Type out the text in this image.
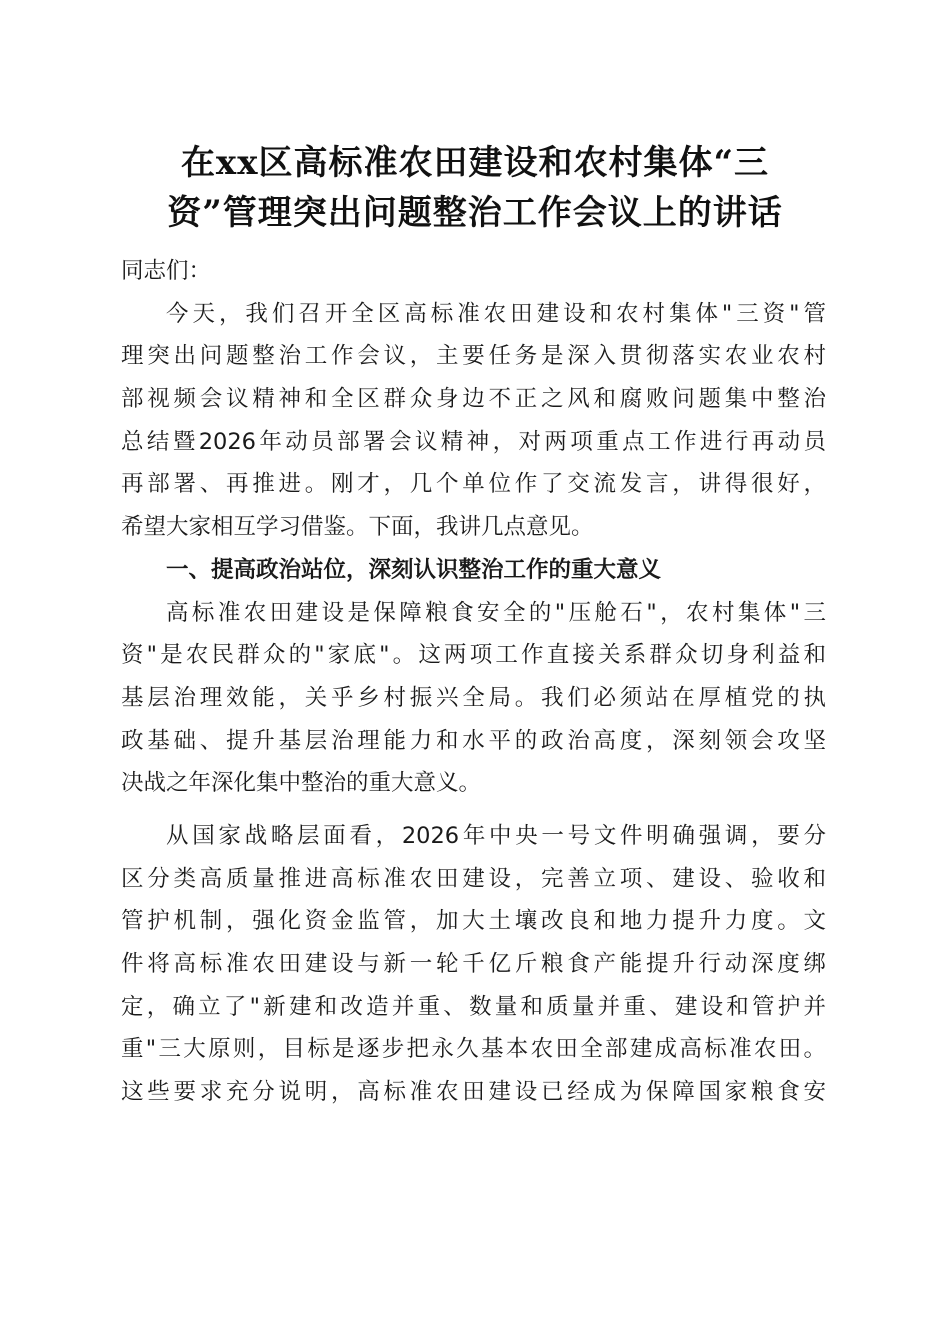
在xx区高标准农田建设和农村集体“三
资”管理突出问题整治工作会议上的讲话
同志们：
今天，我们召开全区高标准农田建设和农村集体"三资"管
理突出问题整治工作会议，主要任务是深入贯彻落实农业农村
部视频会议精神和全区群众身边不正之风和腐败问题集中整治
总结暨2026年动员部署会议精神，对两项重点工作进行再动员
再部署、再推进。刚才，几个单位作了交流发言，讲得很好，
希望大家相互学习借鉴。下面，我讲几点意见。
一、提高政治站位，深刻认识整治工作的重大意义
高标准农田建设是保障粮食安全的"压舱石"，农村集体"三
资"是农民群众的"家底"。这两项工作直接关系群众切身利益和
基层治理效能，关乎乡村振兴全局。我们必须站在厚植党的执
政基础、提升基层治理能力和水平的政治高度，深刻领会攻坚
决战之年深化集中整治的重大意义。
从国家战略层面看，2026年中央一号文件明确强调，要分
区分类高质量推进高标准农田建设，完善立项、建设、验收和
管护机制，强化资金监管，加大土壤改良和地力提升力度。文
件将高标准农田建设与新一轮千亿斤粮食产能提升行动深度绑
定，确立了"新建和改造并重、数量和质量并重、建设和管护并
重"三大原则，目标是逐步把永久基本农田全部建成高标准农田。
这些要求充分说明，高标准农田建设已经成为保障国家粮食安
